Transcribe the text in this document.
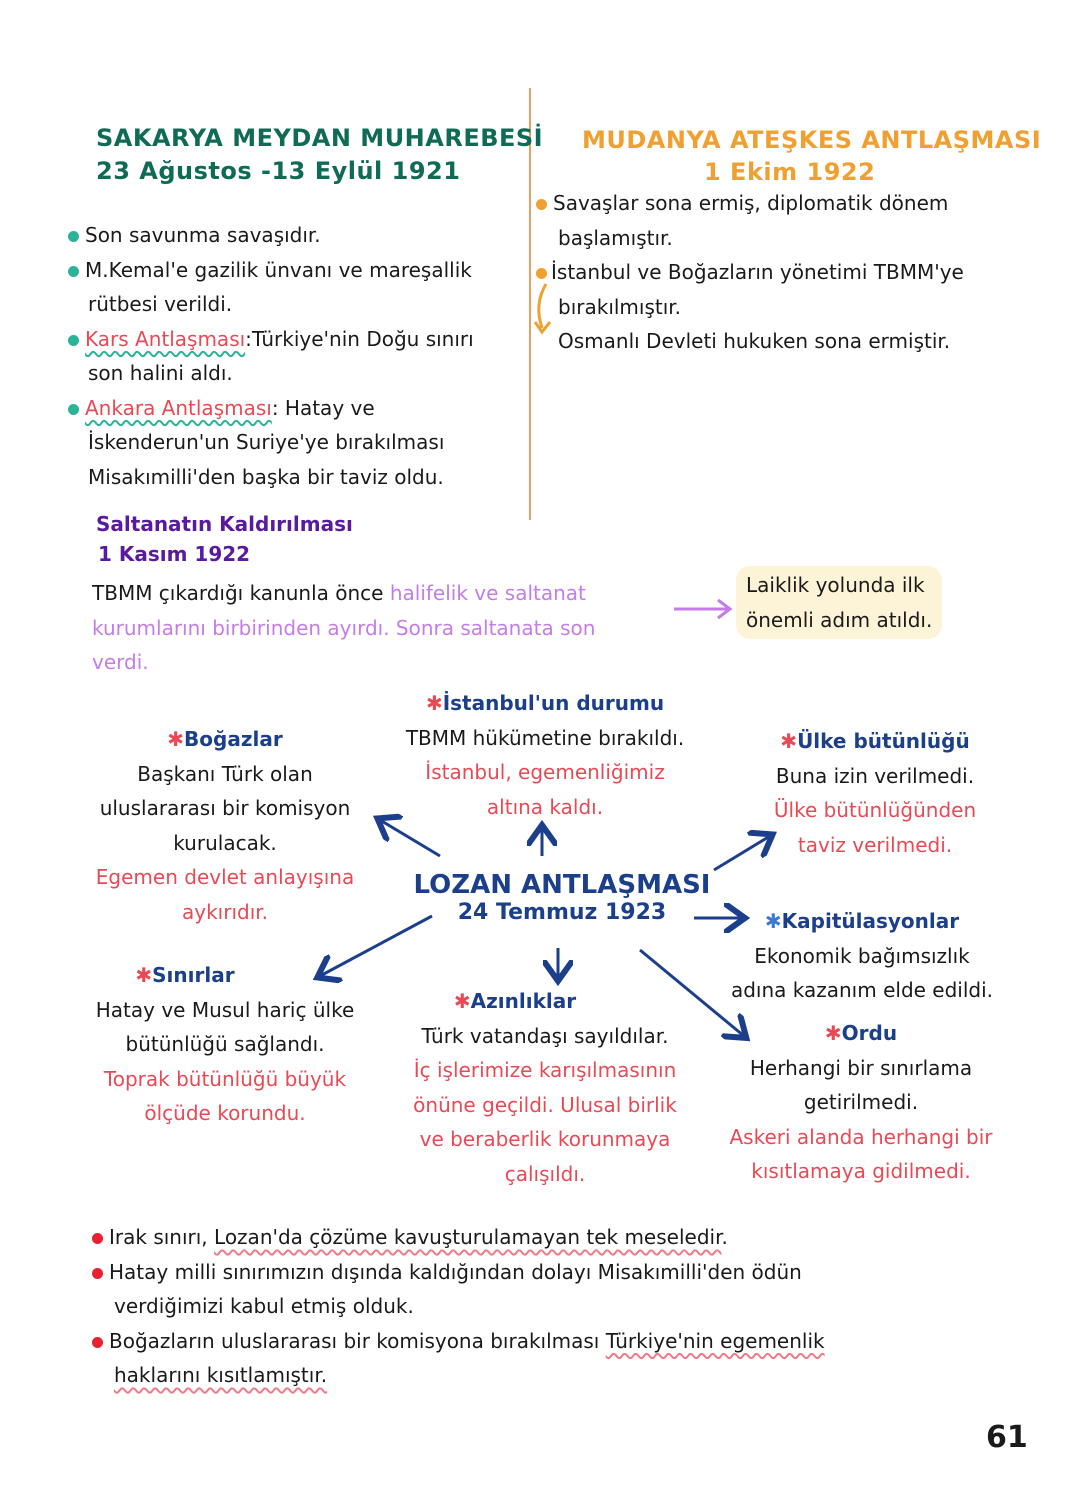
SAKARYA MEYDAN MUHAREBESİ
23 Ağustos -13 Eylül 1921
Son savunma savaşıdır.
M.Kemal'e gazilik ünvanı ve mareşallik
rütbesi verildi.
Kars Antlaşması:Türkiye'nin Doğu sınırı
son halini aldı.
Ankara Antlaşması: Hatay ve
İskenderun'un Suriye'ye bırakılması
Misakımilli'den başka bir taviz oldu.
MUDANYA ATEŞKES ANTLAŞMASI
1 Ekim 1922
Savaşlar sona ermiş, diplomatik dönem
başlamıştır.
İstanbul ve Boğazların yönetimi TBMM'ye
bırakılmıştır.
Osmanlı Devleti hukuken sona ermiştir.
Saltanatın Kaldırılması
1 Kasım 1922
TBMM çıkardığı kanunla önce halifelik ve saltanat
kurumlarını birbirinden ayırdı. Sonra saltanata son
verdi.
Laiklik yolunda ilk
önemli adım atıldı.
LOZAN ANTLAŞMASI
24 Temmuz 1923
✱İstanbul'un durumu
TBMM hükümetine bırakıldı.
İstanbul, egemenliğimiz
altına kaldı.
✱Boğazlar
Başkanı Türk olan
uluslararası bir komisyon
kurulacak.
Egemen devlet anlayışına
aykırıdır.
✱Ülke bütünlüğü
Buna izin verilmedi.
Ülke bütünlüğünden
taviz verilmedi.
✱Kapitülasyonlar
Ekonomik bağımsızlık
adına kazanım elde edildi.
✱Sınırlar
Hatay ve Musul hariç ülke
bütünlüğü sağlandı.
Toprak bütünlüğü büyük
ölçüde korundu.
✱Azınlıklar
Türk vatandaşı sayıldılar.
İç işlerimize karışılmasının
önüne geçildi. Ulusal birlik
ve beraberlik korunmaya
çalışıldı.
✱Ordu
Herhangi bir sınırlama
getirilmedi.
Askeri alanda herhangi bir
kısıtlamaya gidilmedi.
Irak sınırı, Lozan'da çözüme kavuşturulamayan tek meseledir.
Hatay milli sınırımızın dışında kaldığından dolayı Misakımilli'den ödün
verdiğimizi kabul etmiş olduk.
Boğazların uluslararası bir komisyona bırakılması Türkiye'nin egemenlik
haklarını kısıtlamıştır.
61
